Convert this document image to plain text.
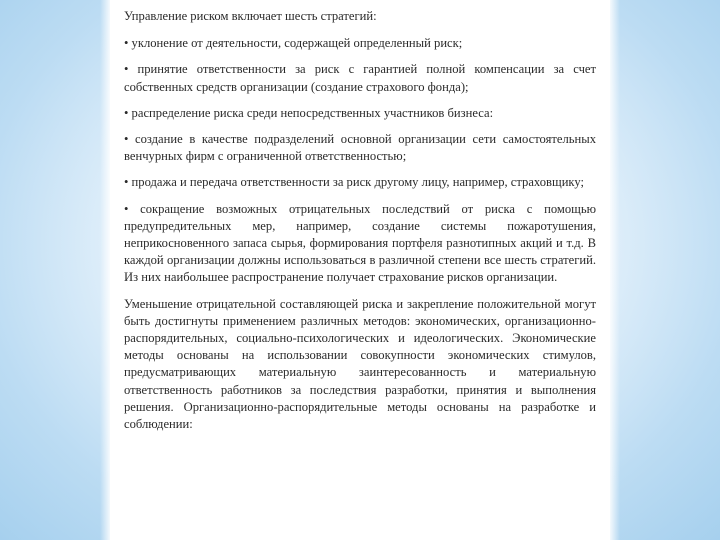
Управление риском включает шесть стратегий:

• уклонение от деятельности, содержащей определенный риск;

• принятие ответственности за риск с гарантией полной компенсации за счет собственных средств организации (создание страхового фонда);

• распределение риска среди непосредственных участников бизнеса:

• создание в качестве подразделений основной организации сети самостоятельных венчурных фирм с ограниченной ответственностью;

• продажа и передача ответственности за риск другому лицу, например, страховщику;

• сокращение возможных отрицательных последствий от риска с помощью предупредительных мер, например, создание системы пожаротушения, неприкосновенного запаса сырья, формирования портфеля разнотипных акций и т.д. В каждой организации должны использоваться в различной степени все шесть стратегий. Из них наибольшее распространение получает страхование рисков организации.

Уменьшение отрицательной составляющей риска и закрепление положительной могут быть достигнуты применением различных методов: экономических, организационно-распорядительных, социально-психологических и идеологических. Экономические методы основаны на использовании совокупности экономических стимулов, предусматривающих материальную заинтересованность и материальную ответственность работников за последствия разработки, принятия и выполнения решения. Организационно-распорядительные методы основаны на разработке и соблюдении:
